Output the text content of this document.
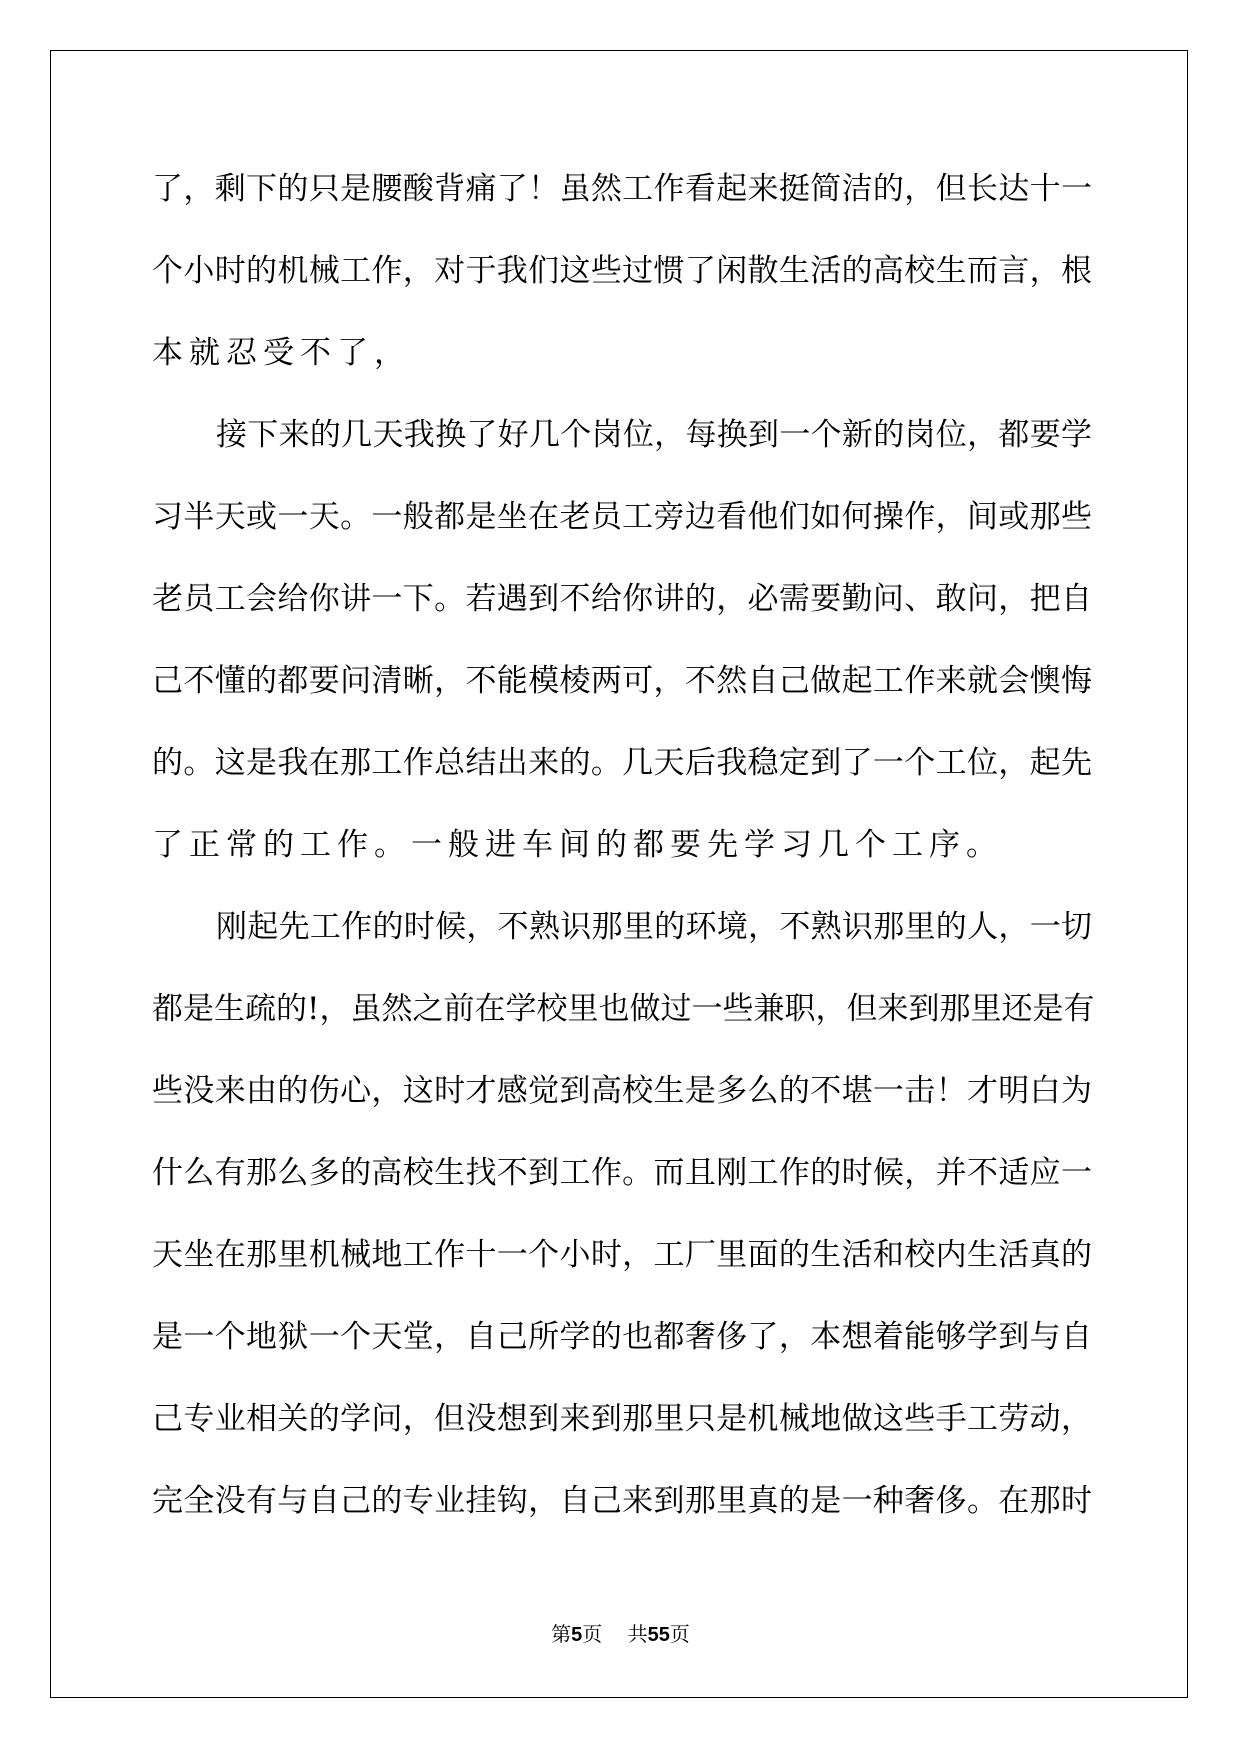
了，剩下的只是腰酸背痛了！虽然工作看起来挺简洁的，但长达十一
个小时的机械工作，对于我们这些过惯了闲散生活的高校生而言，根
本就忍受不了，
接下来的几天我换了好几个岗位，每换到一个新的岗位，都要学
习半天或一天。一般都是坐在老员工旁边看他们如何操作，间或那些
老员工会给你讲一下。若遇到不给你讲的，必需要勤问、敢问，把自
己不懂的都要问清晰，不能模棱两可，不然自己做起工作来就会懊悔
的。这是我在那工作总结出来的。几天后我稳定到了一个工位，起先
了正常的工作。一般进车间的都要先学习几个工序。
刚起先工作的时候，不熟识那里的环境，不熟识那里的人，一切
都是生疏的!，虽然之前在学校里也做过一些兼职，但来到那里还是有
些没来由的伤心，这时才感觉到高校生是多么的不堪一击！才明白为
什么有那么多的高校生找不到工作。而且刚工作的时候，并不适应一
天坐在那里机械地工作十一个小时，工厂里面的生活和校内生活真的
是一个地狱一个天堂，自己所学的也都奢侈了，本想着能够学到与自
己专业相关的学问，但没想到来到那里只是机械地做这些手工劳动，
完全没有与自己的专业挂钩，自己来到那里真的是一种奢侈。在那时
第5页 共55页
